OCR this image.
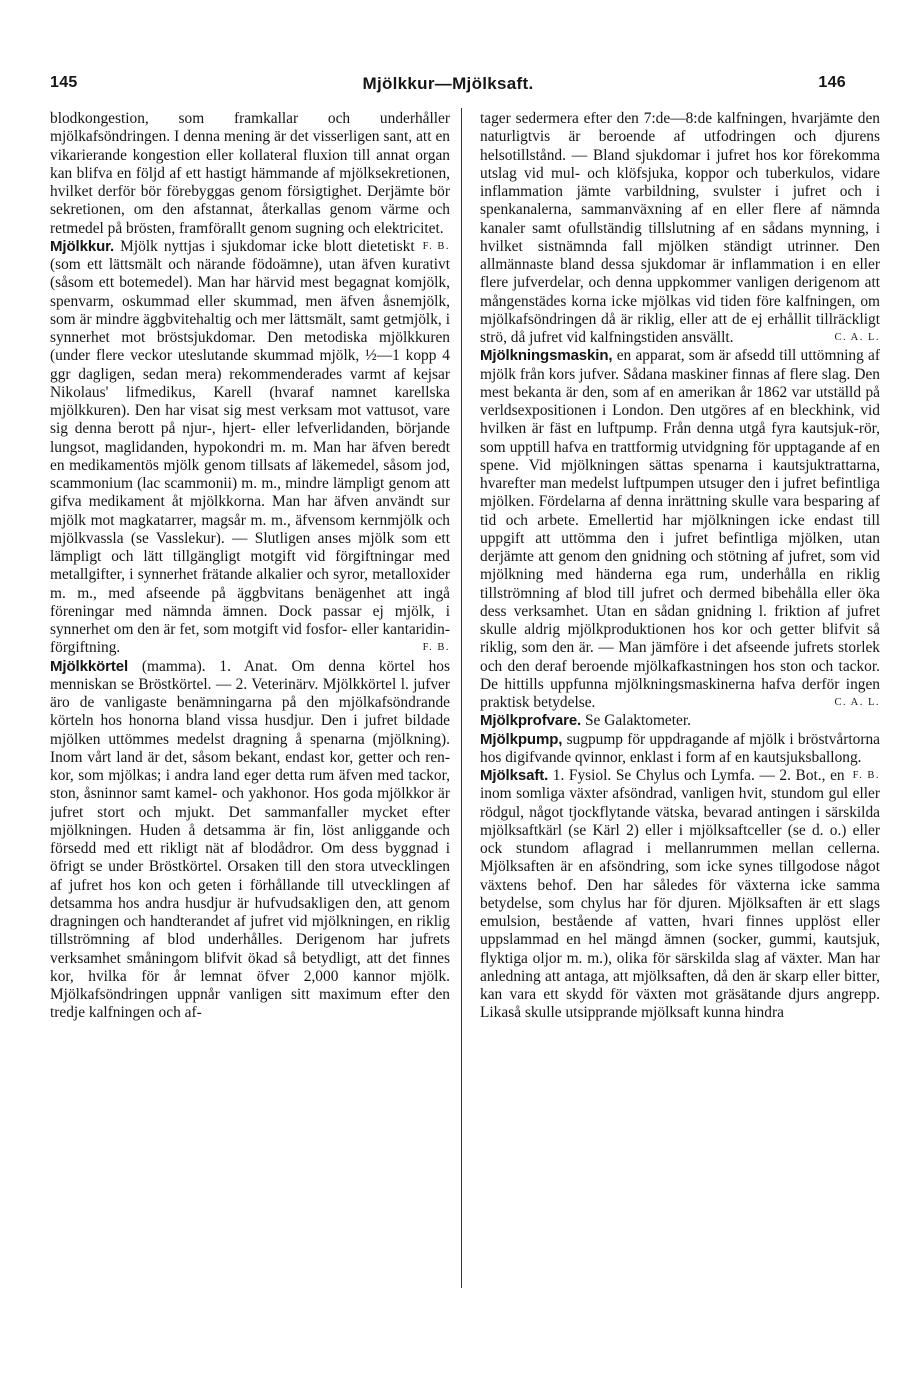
Mjölkkur—Mjölksaft.
145	146

blodkongestion, som framkallar och underhåller mjölkafsöndringen. I denna mening är det visserligen sant, att en vikarierande kongestion eller kollateral fluxion till annat organ kan blifva en följd af ett hastigt hämmande af mjölksekretionen, hvilket derför bör förebyggas genom försigtighet. Derjämte bör sekretionen, om den afstannat, återkallas genom värme och retmedel på brösten, framförallt genom sugning och elektricitet.
F. B.

Mjölkkur. Mjölk nyttjas i sjukdomar icke blott dietetiskt (som ett lättsmält och närande födoämne), utan äfven kurativt (såsom ett botemedel). Man har härvid mest begagnat komjölk, spenvarm, oskummad eller skummad, men äfven åsnemjölk, som är mindre äggbvitehaltig och mer lättsmält, samt getmjölk, i synnerhet mot bröstsjukdomar. Den metodiska mjölkkuren (under flere veckor uteslutande skummad mjölk, ½—1 kopp 4 ggr dagligen, sedan mera) rekommenderades varmt af kejsar Nikolaus' lifmedikus, Karell (hvaraf namnet karellska mjölkkuren). Den har visat sig mest verksam mot vattusot, vare sig denna berott på njur-, hjert- eller lefverlidanden, börjande lungsot, maglidanden, hypokondri m. m. Man har äfven beredt en medikamentös mjölk genom tillsats af läkemedel, såsom jod, scammonium (lac scammonii) m. m., mindre lämpligt genom att gifva medikament åt mjölkkorna. Man har äfven användt sur mjölk mot magkatarrer, magsår m. m., äfvensom kernmjölk och mjölkvassla (se Vasslekur). — Slutligen anses mjölk som ett lämpligt och lätt tillgängligt motgift vid förgiftningar med metallgifter, i synnerhet frätande alkalier och syror, metalloxider m. m., med afseende på äggbvitans benägenhet att ingå föreningar med nämnda ämnen. Dock passar ej mjölk, i synnerhet om den är fet, som motgift vid fosfor- eller kantaridin-förgiftning.	F. B.

Mjölkkörtel (mamma). 1. Anat. Om denna körtel hos menniskan se Bröstkörtel. — 2. Veterinärv. Mjölkkörtel l. jufver äro de vanligaste benämningarna på den mjölkafsöndrande körteln hos honorna bland vissa husdjur. Den i jufret bildade mjölken uttömmes medelst dragning å spenarna (mjölkning). Inom vårt land är det, såsom bekant, endast kor, getter och ren-kor, som mjölkas; i andra land eger detta rum äfven med tackor, ston, åsninnor samt kamel- och yakhonor. Hos goda mjölkkor är jufret stort och mjukt. Det sammanfaller mycket efter mjölkningen. Huden å detsamma är fin, löst anliggande och försedd med ett rikligt nät af blodådror. Om dess byggnad i öfrigt se under Bröstkörtel. Orsaken till den stora utvecklingen af jufret hos kon och geten i förhållande till utvecklingen af detsamma hos andra husdjur är hufvudsakligen den, att genom dragningen och handterandet af jufret vid mjölkningen, en riklig tillströmning af blod underhålles. Derigenom har jufrets verksamhet småningom blifvit ökad så betydligt, att det finnes kor, hvilka för år lemnat öfver 2,000 kannor mjölk. Mjölkafsöndringen uppnår vanligen sitt maximum efter den tredje kalfningen och af-

tager sedermera efter den 7:de—8:de kalfningen, hvarjämte den naturligtvis är beroende af utfodringen och djurens helsotillstånd. — Bland sjukdomar i jufret hos kor förekomma utslag vid mul- och klöfsjuka, koppor och tuberkulos, vidare inflammation jämte varbildning, svulster i jufret och i spenkanalerna, sammanväxning af en eller flere af nämnda kanaler samt ofullständig tillslutning af en sådans mynning, i hvilket sistnämnda fall mjölken ständigt utrinner. Den allmännaste bland dessa sjukdomar är inflammation i en eller flere jufverdelar, och denna uppkommer vanligen derigenom att mångenstädes korna icke mjölkas vid tiden före kalfningen, om mjölkafsöndringen då är riklig, eller att de ej erhållit tillräckligt strö, då jufret vid kalfningstiden ansvällt.	C. A. L.

Mjölkningsmaskin, en apparat, som är afsedd till uttömning af mjölk från kors jufver. Sådana maskiner finnas af flere slag. Den mest bekanta är den, som af en amerikan år 1862 var utställd på verldsexpositionen i London. Den utgöres af en bleckhink, vid hvilken är fäst en luftpump. Från denna utgå fyra kautsjuk-rör, som upptill hafva en trattformig utvidgning för upptagande af en spene. Vid mjölkningen sättas spenarna i kautsjuktrattarna, hvarefter man medelst luftpumpen utsuger den i jufret befintliga mjölken. Fördelarna af denna inrättning skulle vara besparing af tid och arbete. Emellertid har mjölkningen icke endast till uppgift att uttömma den i jufret befintliga mjölken, utan derjämte att genom den gnidning och stötning af jufret, som vid mjölkning med händerna ega rum, underhålla en riklig tillströmning af blod till jufret och dermed bibehålla eller öka dess verksamhet. Utan en sådan gnidning l. friktion af jufret skulle aldrig mjölkproduktionen hos kor och getter blifvit så riklig, som den är. — Man jämföre i det afseende jufrets storlek och den deraf beroende mjölkafkastningen hos ston och tackor. De hittills uppfunna mjölkningsmaskinerna hafva derför ingen praktisk betydelse.	C. A. L.

Mjölkprofvare. Se Galaktometer.

Mjölkpump, sugpump för uppdragande af mjölk i bröstvårtorna hos digifvande qvinnor, enklast i form af en kautsjuksballong.
F. B.

Mjölksaft. 1. Fysiol. Se Chylus och Lymfa. — 2. Bot., en inom somliga växter afsöndrad, vanligen hvit, stundom gul eller rödgul, något tjockflytande vätska, bevarad antingen i särskilda mjölksaftkärl (se Kärl 2) eller i mjölksaftceller (se d. o.) eller ock stundom aflagrad i mellanrummen mellan cellerna. Mjölksaften är en afsöndring, som icke synes tillgodose något växtens behof. Den har således för växterna icke samma betydelse, som chylus har för djuren. Mjölksaften är ett slags emulsion, bestående af vatten, hvari finnes upplöst eller uppslammad en hel mängd ämnen (socker, gummi, kautsjuk, flyktiga oljor m. m.), olika för särskilda slag af växter. Man har anledning att antaga, att mjölksaften, då den är skarp eller bitter, kan vara ett skydd för växten mot gräsätande djurs angrepp. Likaså skulle utsipprande mjölksaft kunna hindra
